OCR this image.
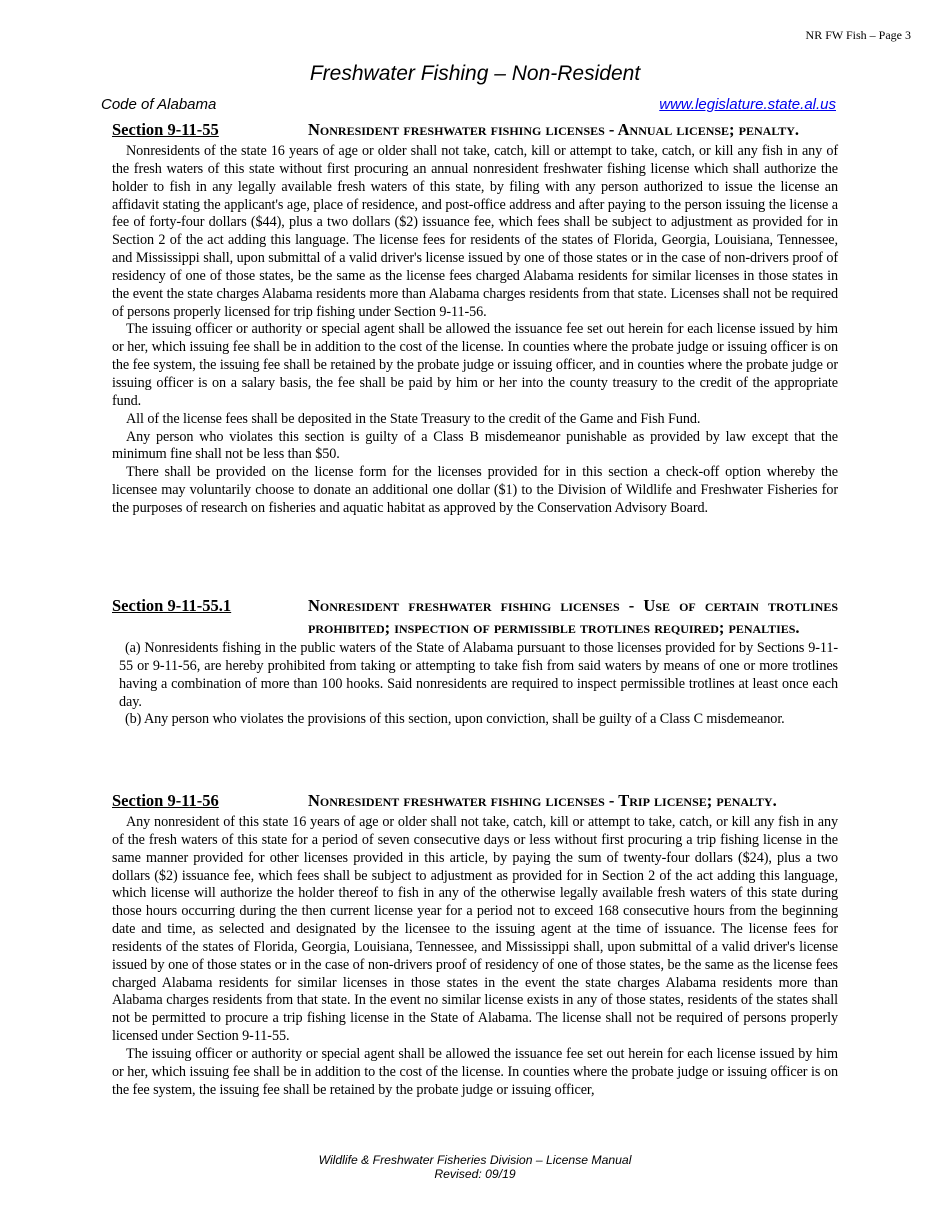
NR FW Fish – Page 3
Freshwater Fishing – Non-Resident
Code of Alabama	www.legislature.state.al.us
Section 9-11-55	Nonresident freshwater fishing licenses - Annual license; penalty.

Nonresidents of the state 16 years of age or older shall not take, catch, kill or attempt to take, catch, or kill any fish in any of the fresh waters of this state without first procuring an annual nonresident freshwater fishing license which shall authorize the holder to fish in any legally available fresh waters of this state, by filing with any person authorized to issue the license an affidavit stating the applicant's age, place of residence, and post-office address and after paying to the person issuing the license a fee of forty-four dollars ($44), plus a two dollars ($2) issuance fee, which fees shall be subject to adjustment as provided for in Section 2 of the act adding this language. The license fees for residents of the states of Florida, Georgia, Louisiana, Tennessee, and Mississippi shall, upon submittal of a valid driver's license issued by one of those states or in the case of non-drivers proof of residency of one of those states, be the same as the license fees charged Alabama residents for similar licenses in those states in the event the state charges Alabama residents more than Alabama charges residents from that state. Licenses shall not be required of persons properly licensed for trip fishing under Section 9-11-56.

The issuing officer or authority or special agent shall be allowed the issuance fee set out herein for each license issued by him or her, which issuing fee shall be in addition to the cost of the license. In counties where the probate judge or issuing officer is on the fee system, the issuing fee shall be retained by the probate judge or issuing officer, and in counties where the probate judge or issuing officer is on a salary basis, the fee shall be paid by him or her into the county treasury to the credit of the appropriate fund.

All of the license fees shall be deposited in the State Treasury to the credit of the Game and Fish Fund.

Any person who violates this section is guilty of a Class B misdemeanor punishable as provided by law except that the minimum fine shall not be less than $50.

There shall be provided on the license form for the licenses provided for in this section a check-off option whereby the licensee may voluntarily choose to donate an additional one dollar ($1) to the Division of Wildlife and Freshwater Fisheries for the purposes of research on fisheries and aquatic habitat as approved by the Conservation Advisory Board.

Section 9-11-55.1	Nonresident freshwater fishing licenses - Use of certain trotlines prohibited; inspection of permissible trotlines required; penalties.

(a) Nonresidents fishing in the public waters of the State of Alabama pursuant to those licenses provided for by Sections 9-11-55 or 9-11-56, are hereby prohibited from taking or attempting to take fish from said waters by means of one or more trotlines having a combination of more than 100 hooks. Said nonresidents are required to inspect permissible trotlines at least once each day.

(b) Any person who violates the provisions of this section, upon conviction, shall be guilty of a Class C misdemeanor.

Section 9-11-56	Nonresident freshwater fishing licenses - Trip license; penalty.

Any nonresident of this state 16 years of age or older shall not take, catch, kill or attempt to take, catch, or kill any fish in any of the fresh waters of this state for a period of seven consecutive days or less without first procuring a trip fishing license in the same manner provided for other licenses provided in this article, by paying the sum of twenty-four dollars ($24), plus a two dollars ($2) issuance fee, which fees shall be subject to adjustment as provided for in Section 2 of the act adding this language, which license will authorize the holder thereof to fish in any of the otherwise legally available fresh waters of this state during those hours occurring during the then current license year for a period not to exceed 168 consecutive hours from the beginning date and time, as selected and designated by the licensee to the issuing agent at the time of issuance. The license fees for residents of the states of Florida, Georgia, Louisiana, Tennessee, and Mississippi shall, upon submittal of a valid driver's license issued by one of those states or in the case of non-drivers proof of residency of one of those states, be the same as the license fees charged Alabama residents for similar licenses in those states in the event the state charges Alabama residents more than Alabama charges residents from that state. In the event no similar license exists in any of those states, residents of the states shall not be permitted to procure a trip fishing license in the State of Alabama. The license shall not be required of persons properly licensed under Section 9-11-55.

The issuing officer or authority or special agent shall be allowed the issuance fee set out herein for each license issued by him or her, which issuing fee shall be in addition to the cost of the license. In counties where the probate judge or issuing officer is on the fee system, the issuing fee shall be retained by the probate judge or issuing officer,

Wildlife & Freshwater Fisheries Division – License Manual
Revised: 09/19
